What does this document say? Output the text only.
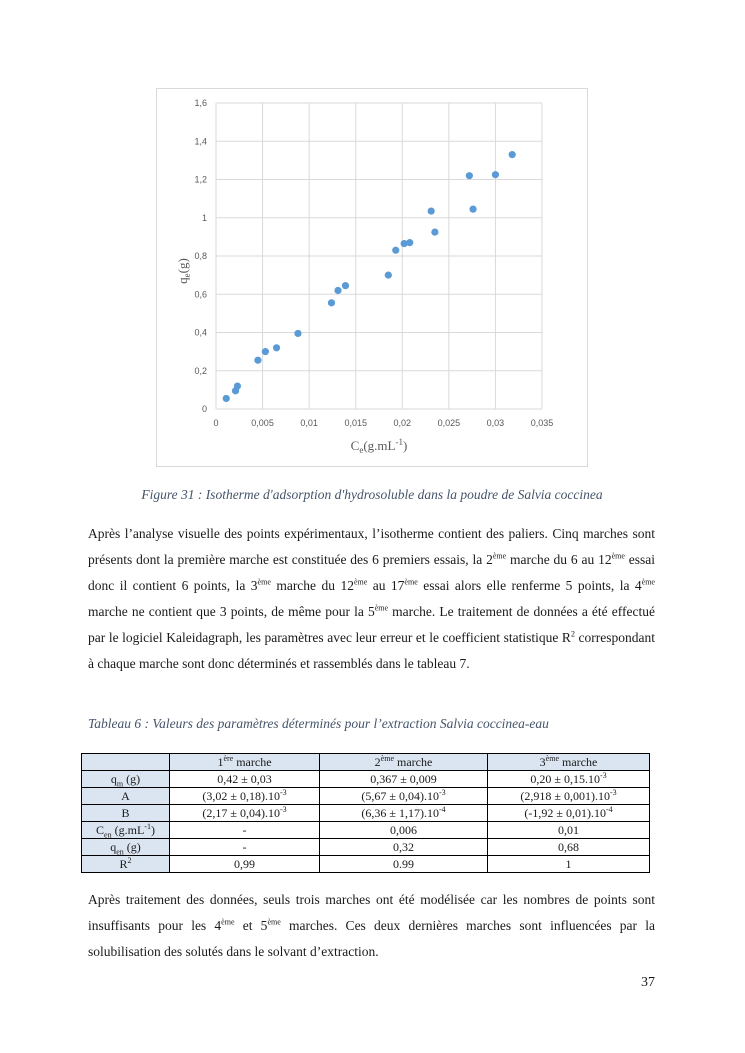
0	0,005	0,01	0,015	0,02	0,025	0,03	0,035
0
0,2
0,4
0,6
0,8
1
1,2
1,4
1,6
$C_e(g.mL^{-1})$
$q_e(g)$
Figure 31 : Isotherme d'adsorption d'hydrosoluble dans la poudre de Salvia coccinea

Après l’analyse visuelle des points expérimentaux, l’isotherme contient des paliers. Cinq marches sont présents dont la première marche est constituée des 6 premiers essais, la 2ème marche du 6 au 12ème essai donc il contient 6 points, la 3ème marche du 12ème au 17ème essai alors elle renferme 5 points, la 4ème marche ne contient que 3 points, de même pour la 5ème marche. Le traitement de données a été effectué par le logiciel Kaleidagraph, les paramètres avec leur erreur et le coefficient statistique $R^2$ correspondant à chaque marche sont donc déterminés et rassemblés dans le tableau 7.

Tableau 6 : Valeurs des paramètres déterminés pour l’extraction Salvia coccinea-eau
	1ère marche	2ème marche	3ème marche
$q_m$ (g)	0,42 ± 0,03	0,367 ± 0,009	$0,20 \pm 0,15.10^{-3}$
A	$(3,02 \pm 0,18).10^{-3}$	$(5,67 \pm 0,04).10^{-3}$	$(2,918 \pm 0,001).10^{-3}$
B	$(2,17 \pm 0,04).10^{-3}$	$(6,36 \pm 1,17).10^{-4}$	$(-1,92 \pm 0,01).10^{-4}$
$C_{en}$ $(g.mL^{-1})$	-	0,006	0,01
$q_{en}$ (g)	-	0,32	0,68
$R^2$	0,99	0.99	1

Après traitement des données, seuls trois marches ont été modélisée car les nombres de points sont insuffisants pour les 4ème et 5ème marches. Ces deux dernières marches sont influencées par la solubilisation des solutés dans le solvant d’extraction.

37
